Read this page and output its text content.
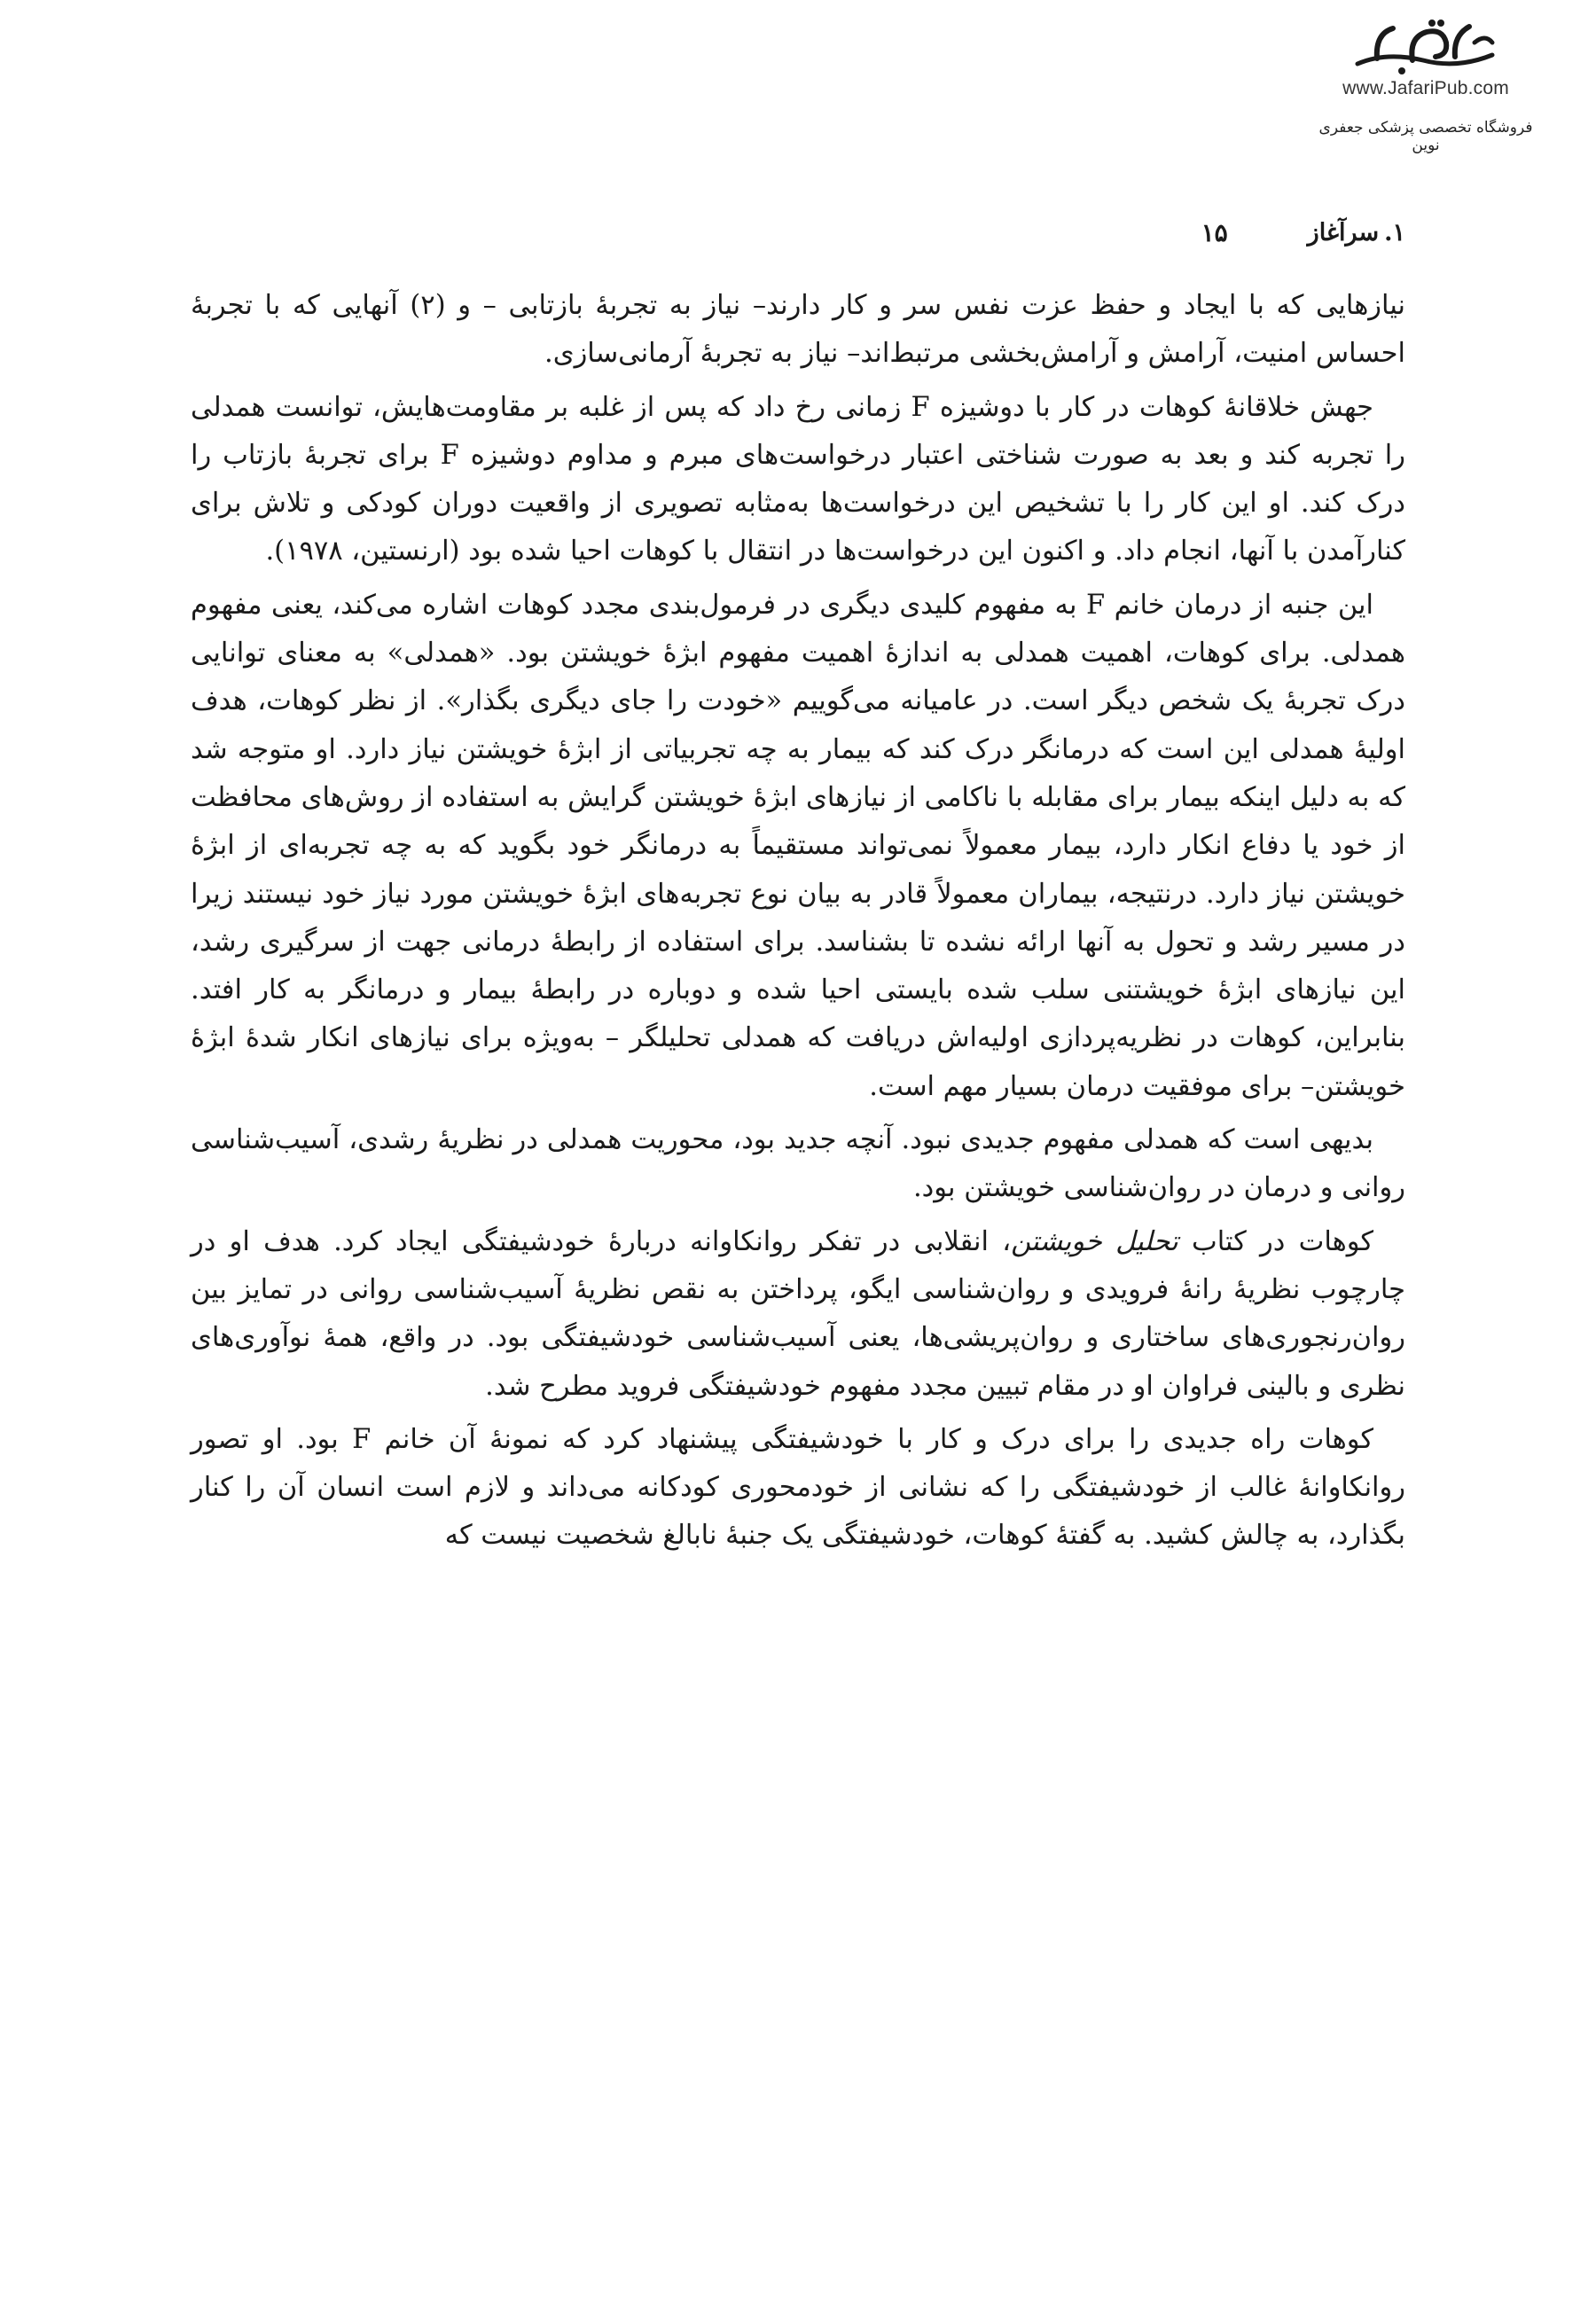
www.JafariPub.com
فروشگاه تخصصی پزشکی جعفری نوین
۱.سرآغاز
۱۵

نیازهایی که با ایجاد و حفظ عزت نفس سر و کار دارند– نیاز به تجربهٔ بازتابی – و (۲) آنهایی که با تجربهٔ احساس امنیت، آرامش و آرامش‌بخشی مرتبط‌اند– نیاز به تجربهٔ آرمانی‌سازی.

جهش خلاقانهٔ کوهات در کار با دوشیزه F زمانی رخ داد که پس از غلبه بر مقاومت‌هایش، توانست همدلی را تجربه کند و بعد به صورت شناختی اعتبار درخواست‌های مبرم و مداوم دوشیزه F برای تجربهٔ بازتاب را درک کند. او این کار را با تشخیص این درخواست‌ها به‌مثابه تصویری از واقعیت دوران کودکی و تلاش برای کنارآمدن با آنها، انجام داد. و اکنون این درخواست‌ها در انتقال با کوهات احیا شده بود (ارنستین، ۱۹۷۸).

این جنبه از درمان خانم F به مفهوم کلیدی دیگری در فرمول‌بندی مجدد کوهات اشاره می‌کند، یعنی مفهوم همدلی. برای کوهات، اهمیت همدلی به اندازهٔ اهمیت مفهوم ابژهٔ خویشتن بود. «همدلی» به معنای توانایی درک تجربهٔ یک شخص دیگر است. در عامیانه می‌گوییم «خودت را جای دیگری بگذار». از نظر کوهات، هدف اولیهٔ همدلی این است که درمانگر درک کند که بیمار به چه تجربیاتی از ابژهٔ خویشتن نیاز دارد. او متوجه شد که به دلیل اینکه بیمار برای مقابله با ناکامی از نیازهای ابژهٔ خویشتن گرایش به استفاده از روش‌های محافظت از خود یا دفاع انکار دارد، بیمار معمولاً نمی‌تواند مستقیماً به درمانگر خود بگوید که به چه تجربه‌ای از ابژهٔ خویشتن نیاز دارد. درنتیجه، بیماران معمولاً قادر به بیان نوع تجربه‌های ابژهٔ خویشتن مورد نیاز خود نیستند زیرا در مسیر رشد و تحول به آنها ارائه نشده تا بشناسد. برای استفاده از رابطهٔ درمانی جهت از سرگیری رشد، این نیازهای ابژهٔ خویشتنی سلب شده بایستی احیا شده و دوباره در رابطهٔ بیمار و درمانگر به کار افتد. بنابراین، کوهات در نظریه‌پردازی اولیه‌اش دریافت که همدلی تحلیلگر – به‌ویژه برای نیازهای انکار شدهٔ ابژهٔ خویشتن– برای موفقیت درمان بسیار مهم است.

بدیهی است که همدلی مفهوم جدیدی نبود. آنچه جدید بود، محوریت همدلی در نظریهٔ رشدی، آسیب‌شناسی روانی و درمان در روان‌شناسی خویشتن بود.

کوهات در کتاب تحلیل خویشتن، انقلابی در تفکر روانکاوانه دربارهٔ خودشیفتگی ایجاد کرد. هدف او در چارچوب نظریهٔ رانهٔ فرویدی و روان‌شناسی ایگو، پرداختن به نقص نظریهٔ آسیب‌شناسی روانی در تمایز بین روان‌رنجوری‌های ساختاری و روان‌پریشی‌ها، یعنی آسیب‌شناسی خودشیفتگی بود. در واقع، همهٔ نوآوری‌های نظری و بالینی فراوان او در مقام تبیین مجدد مفهوم خودشیفتگی فروید مطرح شد.

کوهات راه جدیدی را برای درک و کار با خودشیفتگی پیشنهاد کرد که نمونهٔ آن خانم F بود. او تصور روانکاوانهٔ غالب از خودشیفتگی را که نشانی از خودمحوری کودکانه می‌داند و لازم است انسان آن را کنار بگذارد، به چالش کشید. به گفتهٔ کوهات، خودشیفتگی یک جنبهٔ نابالغ شخصیت نیست که
